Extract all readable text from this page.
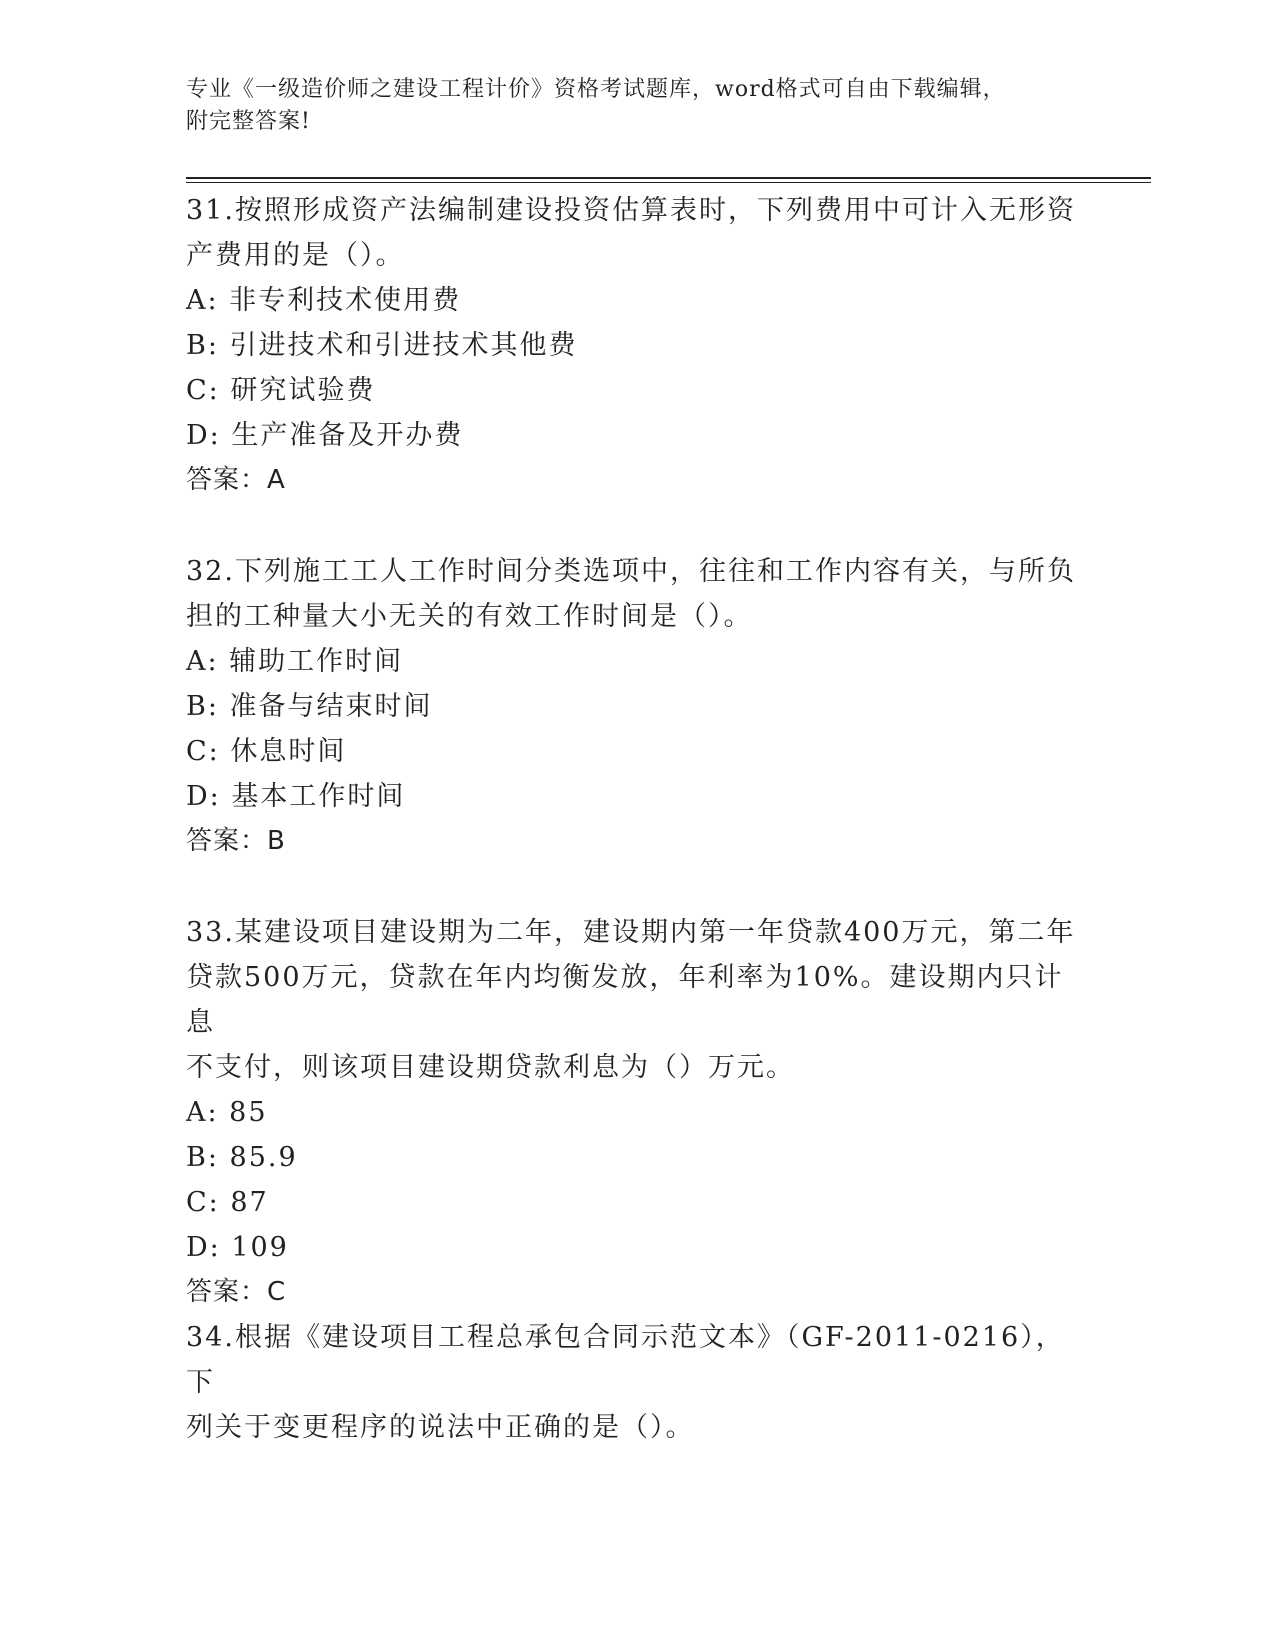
专业《一级造价师之建设工程计价》资格考试题库，word格式可自由下载编辑，
附完整答案!

31.按照形成资产法编制建设投资估算表时，下列费用中可计入无形资

产费用的是（）。

A: 非专利技术使用费

B: 引进技术和引进技术其他费

C: 研究试验费

D: 生产准备及开办费

答案：A

32.下列施工工人工作时间分类选项中，往往和工作内容有关，与所负

担的工种量大小无关的有效工作时间是（）。

A: 辅助工作时间

B: 准备与结束时间

C: 休息时间

D: 基本工作时间

答案：B

33.某建设项目建设期为二年，建设期内第一年贷款400万元，第二年

贷款500万元，贷款在年内均衡发放，年利率为10%。建设期内只计息

不支付，则该项目建设期贷款利息为（）万元。

A: 85

B: 85.9

C: 87

D: 109

答案：C

34.根据《建设项目工程总承包合同示范文本》（GF-2011-0216），下

列关于变更程序的说法中正确的是（）。
